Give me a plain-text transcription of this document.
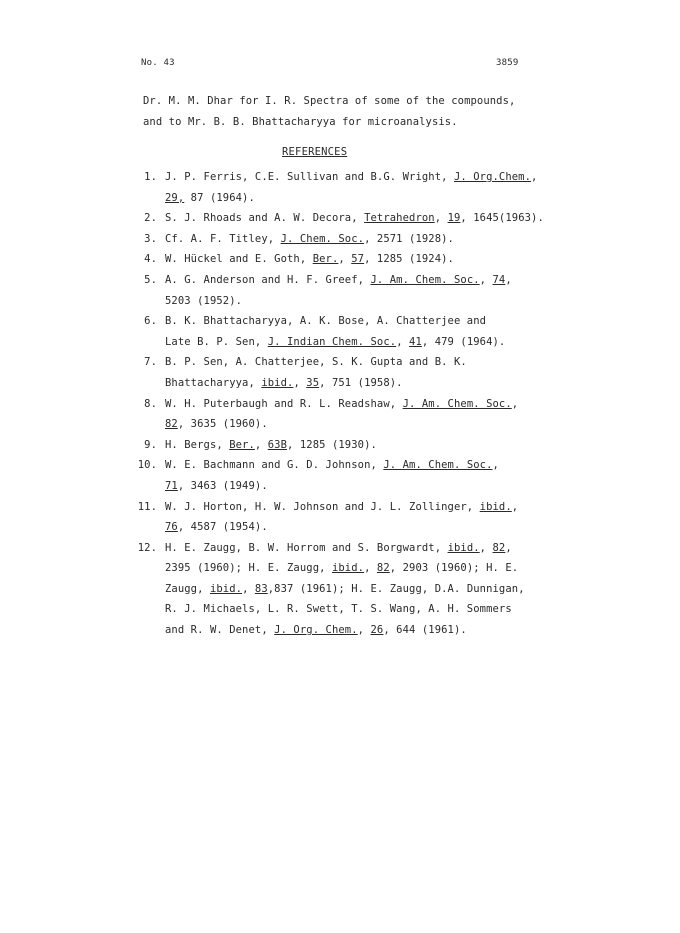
No. 43	3859
Dr. M. M. Dhar for I. R. Spectra of some of the compounds,
and to Mr. B. B. Bhattacharyya for microanalysis.
REFERENCES
1. J. P. Ferris, C.E. Sullivan and B.G. Wright, J. Org.Chem.,
29, 87 (1964).
2. S. J. Rhoads and A. W. Decora, Tetrahedron, 19, 1645(1963).
3. Cf. A. F. Titley, J. Chem. Soc., 2571 (1928).
4. W. Hückel and E. Goth, Ber., 57, 1285 (1924).
5. A. G. Anderson and H. F. Greef, J. Am. Chem. Soc., 74,
5203 (1952).
6. B. K. Bhattacharyya, A. K. Bose, A. Chatterjee and
Late B. P. Sen, J. Indian Chem. Soc., 41, 479 (1964).
7. B. P. Sen, A. Chatterjee, S. K. Gupta and B. K.
Bhattacharyya, ibid., 35, 751 (1958).
8. W. H. Puterbaugh and R. L. Readshaw, J. Am. Chem. Soc.,
82, 3635 (1960).
9. H. Bergs, Ber., 63B, 1285 (1930).
10. W. E. Bachmann and G. D. Johnson, J. Am. Chem. Soc.,
71, 3463 (1949).
11. W. J. Horton, H. W. Johnson and J. L. Zollinger, ibid.,
76, 4587 (1954).
12. H. E. Zaugg, B. W. Horrom and S. Borgwardt, ibid., 82,
2395 (1960); H. E. Zaugg, ibid., 82, 2903 (1960); H. E.
Zaugg, ibid., 83,837 (1961); H. E. Zaugg, D.A. Dunnigan,
R. J. Michaels, L. R. Swett, T. S. Wang, A. H. Sommers
and R. W. Denet, J. Org. Chem., 26, 644 (1961).
